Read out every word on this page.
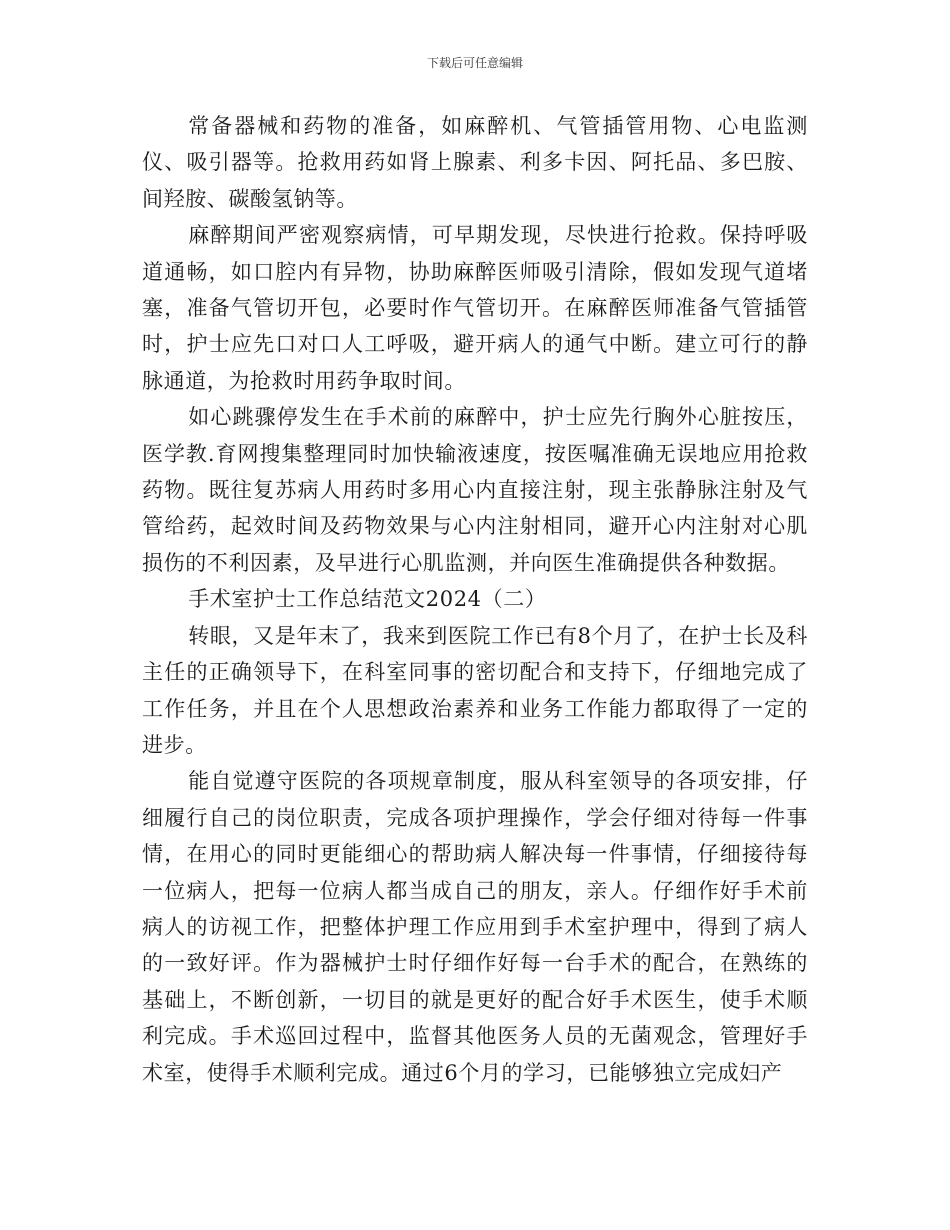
下载后可任意编辑

常备器械和药物的准备，如麻醉机、气管插管用物、心电监测仪、吸引器等。抢救用药如肾上腺素、利多卡因、阿托品、多巴胺、间羟胺、碳酸氢钠等。

麻醉期间严密观察病情，可早期发现，尽快进行抢救。保持呼吸道通畅，如口腔内有异物，协助麻醉医师吸引清除，假如发现气道堵塞，准备气管切开包，必要时作气管切开。在麻醉医师准备气管插管时，护士应先口对口人工呼吸，避开病人的通气中断。建立可行的静脉通道，为抢救时用药争取时间。

如心跳骤停发生在手术前的麻醉中，护士应先行胸外心脏按压，医学教.育网搜集整理同时加快输液速度，按医嘱准确无误地应用抢救药物。既往复苏病人用药时多用心内直接注射，现主张静脉注射及气管给药，起效时间及药物效果与心内注射相同，避开心内注射对心肌损伤的不利因素，及早进行心肌监测，并向医生准确提供各种数据。

手术室护士工作总结范文2024（二）

转眼，又是年末了，我来到医院工作已有8个月了，在护士长及科主任的正确领导下，在科室同事的密切配合和支持下，仔细地完成了工作任务，并且在个人思想政治素养和业务工作能力都取得了一定的进步。

能自觉遵守医院的各项规章制度，服从科室领导的各项安排，仔细履行自己的岗位职责，完成各项护理操作，学会仔细对待每一件事情，在用心的同时更能细心的帮助病人解决每一件事情，仔细接待每一位病人，把每一位病人都当成自己的朋友，亲人。仔细作好手术前病人的访视工作，把整体护理工作应用到手术室护理中，得到了病人的一致好评。作为器械护士时仔细作好每一台手术的配合，在熟练的基础上，不断创新，一切目的就是更好的配合好手术医生，使手术顺利完成。手术巡回过程中，监督其他医务人员的无菌观念，管理好手术室，使得手术顺利完成。通过6个月的学习，已能够独立完成妇产
